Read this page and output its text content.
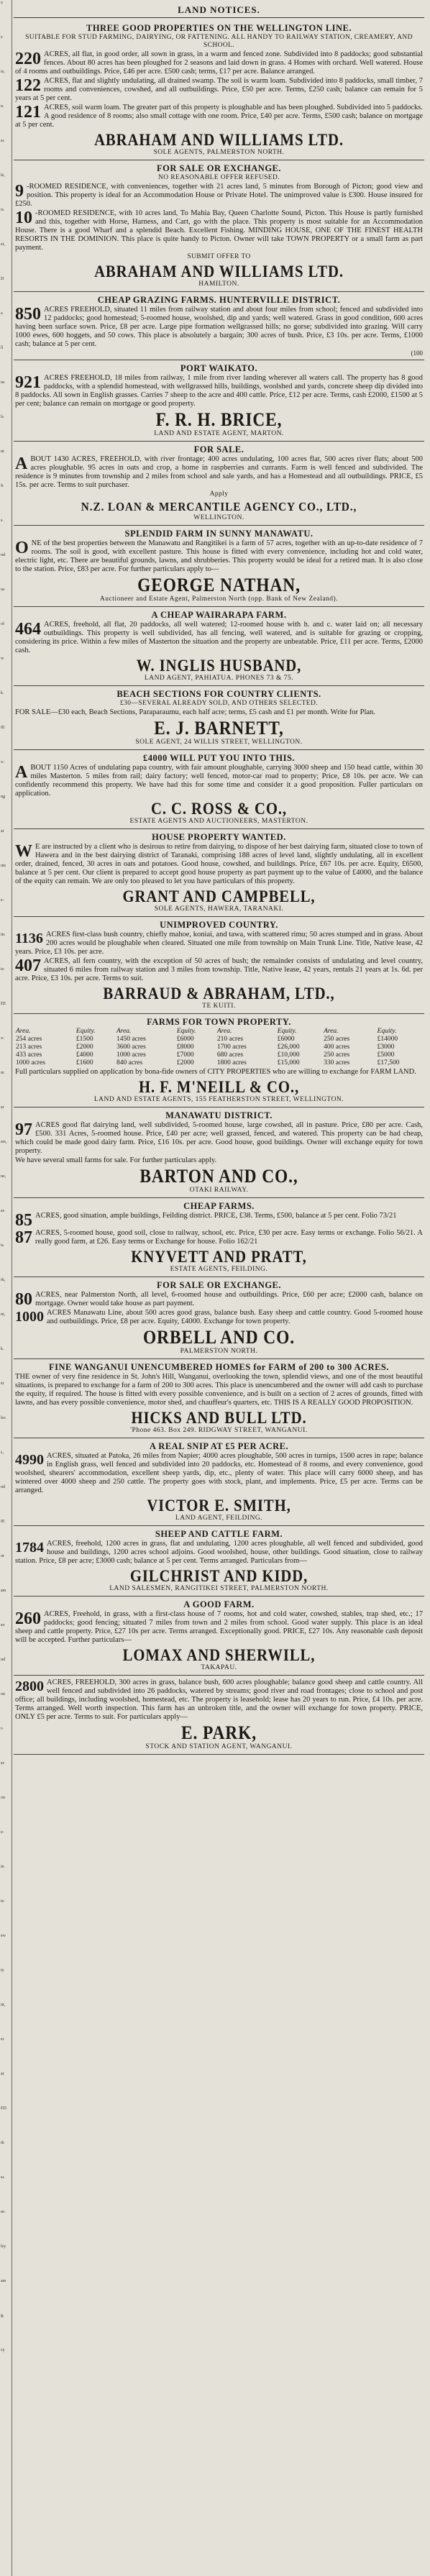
o
e
ie,
n.
ss
le,
rs
et,
D
a
ll
ns
ls
nt
ft
s.
nd
us
of
w
k.
IE
x-
ng
at
uts
e-
its
to
EE
x-
m
ar
ars,
ne,
as
ts
rk,
nt,
k.
et
les
s,
nd
IE
or
am
so
nd
on
r-
se
on
e-
in
to
ew
ty
nt,
et
at
ED
th
ss
m-
ley
am
g,
cy
LAND NOTICES.
THREE GOOD PROPERTIES ON THE WELLINGTON LINE.
SUITABLE FOR STUD FARMING, DAIRYING, OR FATTENING. ALL HANDY TO RAILWAY STATION, CREAMERY, AND SCHOOL.
220 ACRES, all flat, in good order, all sown in grass, in a warm and fenced zone. Subdivided into 8 paddocks; good substantial fences. About 80 acres has been ploughed for 2 seasons and laid down in grass. 4 Homes with orchard. Well watered. House of 4 rooms and outbuildings. Price, £46 per acre. £500 cash; terms, £17 per acre. Balance arranged.
122 ACRES, flat and slightly undulating, all drained swamp. The soil is warm loam. Subdivided into 8 paddocks, small timber, 7 rooms and conveniences, cowshed, and all outbuildings. Price, £50 per acre. Terms, £250 cash; balance can remain for 5 years at 5 per cent.
121 ACRES, soil warm loam. The greater part of this property is ploughable and has been ploughed. Subdivided into 5 paddocks. A good residence of 8 rooms; also small cottage with one room. Price, £40 per acre. Terms, £500 cash; balance on mortgage at 5 per cent.
ABRAHAM AND WILLIAMS LTD.
SOLE AGENTS, PALMERSTON NORTH.
FOR SALE OR EXCHANGE.
NO REASONABLE OFFER REFUSED.
9 -ROOMED RESIDENCE, with conveniences, together with 21 acres land, 5 minutes from Borough of Picton; good view and position. This property is ideal for an Accommodation House or Private Hotel. The unimproved value is £300. House insured for £250.
10 -ROOMED RESIDENCE, with 10 acres land, To Mahia Bay, Queen Charlotte Sound, Picton. This House is partly furnished and this, together with Horse, Harness, and Cart, go with the place. This property is most suitable for an Accommodation House. There is a good Wharf and a splendid Beach. Excellent Fishing. MINDING HOUSE, ONE OF THE FINEST HEALTH RESORTS IN THE DOMINION. This place is quite handy to Picton. Owner will take TOWN PROPERTY or a small farm as part payment.
SUBMIT OFFER TO
ABRAHAM AND WILLIAMS LTD.
HAMILTON.
CHEAP GRAZING FARMS. HUNTERVILLE DISTRICT.
850 ACRES FREEHOLD, situated 11 miles from railway station and about four miles from school; fenced and subdivided into 12 paddocks; good homestead; 5-roomed house, woolshed, dip and yards; well watered. Grass in good condition, 600 acres having been surface sown. Price, £8 per acre. Large pipe formation wellgrassed hills; no gorse; subdivided into grazing. Will carry 1000 ewes, 600 hoggets, and 50 cows. This place is absolutely a bargain; 300 acres of bush. Price, £3 10s. per acre. Terms, £1000 cash; balance at 5 per cent.
(100
PORT WAIKATO.
921 ACRES FREEHOLD, 18 miles from railway, 1 mile from river landing wherever all waters call. The property has 8 good paddocks, with a splendid homestead, with wellgrassed hills, buildings, woolshed and yards, concrete sheep dip divided into 8 paddocks. All sown in English grasses. Carries 7 sheep to the acre and 400 cattle. Price, £12 per acre. Terms, cash £2000, £1500 at 5 per cent; balance can remain on mortgage or good property.
F. R. H. BRICE,
LAND AND ESTATE AGENT, MARTON.
FOR SALE.
ABOUT 1430 ACRES, FREEHOLD, with river frontage; 400 acres undulating, 100 acres flat, 500 acres river flats; about 500 acres ploughable. 95 acres in oats and crop, a home in raspberries and currants. Farm is well fenced and subdivided. The residence is 9 minutes from township and 2 miles from school and sale yards, and has a Homestead and all outbuildings. PRICE, £5 15s. per acre. Terms to suit purchaser.
Apply
N.Z. LOAN & MERCANTILE AGENCY CO., LTD.,
WELLINGTON.
SPLENDID FARM IN SUNNY MANAWATU.
ONE of the best properties between the Manawatu and Rangitikei is a farm of 57 acres, together with an up-to-date residence of 7 rooms. The soil is good, with excellent pasture. This house is fitted with every convenience, including hot and cold water, electric light, etc. There are beautiful grounds, lawns, and shrubberies. This property would be ideal for a retired man. It is also close to the station. Price, £83 per acre. For further particulars apply to—
GEORGE NATHAN,
Auctioneer and Estate Agent, Palmerston North (opp. Bank of New Zealand).
A CHEAP WAIRARAPA FARM.
464 ACRES, freehold, all flat, 20 paddocks, all well watered; 12-roomed house with h. and c. water laid on; all necessary outbuildings. This property is well subdivided, has all fencing, well watered, and is suitable for grazing or cropping, considering its price. Within a few miles of Masterton the situation and the property are unbeatable. Price, £11 per acre. Terms, £2000 cash.
W. INGLIS HUSBAND,
LAND AGENT, PAHIATUA. PHONES 73 & 75.
BEACH SECTIONS FOR COUNTRY CLIENTS.
£30—SEVERAL ALREADY SOLD, AND OTHERS SELECTED.
FOR SALE—£30 each, Beach Sections, Paraparaumu, each half acre; terms, £5 cash and £1 per month. Write for Plan.
E. J. BARNETT,
SOLE AGENT, 24 WILLIS STREET, WELLINGTON.
£4000 WILL PUT YOU INTO THIS.
ABOUT 1150 Acres of undulating papa country, with fair amount ploughable, carrying 3000 sheep and 150 head cattle, within 30 miles Masterton. 5 miles from rail; dairy factory; well fenced, motor-car road to property; Price, £8 10s. per acre. We can confidently recommend this property. We have had this for some time and consider it a good proposition. Fuller particulars on application.
C. C. ROSS & CO.,
ESTATE AGENTS AND AUCTIONEERS, MASTERTON.
HOUSE PROPERTY WANTED.
W E are instructed by a client who is desirous to retire from dairying, to dispose of her best dairying farm, situated close to town of Hawera and in the best dairying district of Taranaki, comprising 188 acres of level land, slightly undulating, all in excellent order, drained, fenced, 30 acres in oats and potatoes. Good house, cowshed, and buildings. Price, £67 10s. per acre. Equity, £6500, balance at 5 per cent. Our client is prepared to accept good house property as part payment up to the value of £4000, and the balance of the equity can remain. We are only too pleased to let you have particulars of this property.
GRANT AND CAMPBELL,
SOLE AGENTS, HAWERA, TARANAKI.
UNIMPROVED COUNTRY.
1136 ACRES first-class bush country, chiefly mahoe, koniai, and tawa, with scattered rimu; 50 acres stumped and in grass. About 200 acres would be ploughable when cleared. Situated one mile from township on Main Trunk Line. Title, Native lease, 42 years. Price, £3 10s. per acre.
407 ACRES, all fern country, with the exception of 50 acres of bush; the remainder consists of undulating and level country, situated 6 miles from railway station and 3 miles from township. Title, Native lease, 42 years, rentals 21 years at 1s. 6d. per acre. Price, £3 10s. per acre. Terms to suit.
BARRAUD & ABRAHAM, LTD.,
TE KUITI.
FARMS FOR TOWN PROPERTY.
Area.	Equity.	Area.	Equity.	Area.	Equity.	Area.	Equity.
254 acres	£1500	1450 acres	£6000	210 acres	£6000	250 acres	£14000
213 acres	£2000	3600 acres	£8000	1700 acres	£26,000	400 acres	£3000
433 acres	£4000	1000 acres	£7000	680 acres	£10,000	250 acres	£5000
1000 acres	£1600	840 acres	£2000	1800 acres	£15,000	330 acres	£17,500
Full particulars supplied on application by bona-fide owners of CITY PROPERTIES who are willing to exchange for FARM LAND.
H. F. M'NEILL & CO.,
LAND AND ESTATE AGENTS, 155 FEATHERSTON STREET, WELLINGTON.
MANAWATU DISTRICT.
97 ACRES good flat dairying land, well subdivided, 5-roomed house, large cowshed, all in pasture. Price, £80 per acre. Cash, £500. 331 Acres, 5-roomed house. Price, £40 per acre; well grassed, fenced, and watered. This property can be had cheap, which could be made good dairy farm. Price, £16 10s. per acre. Good house, good buildings. Owner will exchange equity for town property.
We have several small farms for sale. For further particulars apply.
BARTON AND CO.,
OTAKI RAILWAY.
CHEAP FARMS.
85 ACRES, good situation, ample buildings, Feilding district. PRICE, £38. Terms, £500, balance at 5 per cent. Folio 73/21
87 ACRES, 5-roomed house, good soil, close to railway, school, etc. Price, £30 per acre. Easy terms or exchange. Folio 56/21. A really good farm, at £26. Easy terms or Exchange for house. Folio 162/21
KNYVETT AND PRATT,
ESTATE AGENTS, FEILDING.
FOR SALE OR EXCHANGE.
80 ACRES, near Palmerston North, all level, 6-roomed house and outbuildings. Price, £60 per acre; £2000 cash, balance on mortgage. Owner would take house as part payment.
1000 ACRES Manawatu Line, about 500 acres good grass, balance bush. Easy sheep and cattle country. Good 5-roomed house and outbuildings. Price, £8 per acre. Equity, £4000. Exchange for town property.
ORBELL AND CO.
PALMERSTON NORTH.
FINE WANGANUI UNENCUMBERED HOMES for FARM of 200 to 300 ACRES.
THE owner of very fine residence in St. John's Hill, Wanganui, overlooking the town, splendid views, and one of the most beautiful situations, is prepared to exchange for a farm of 200 to 300 acres. This place is unencumbered and the owner will add cash to purchase the equity, if required. The house is fitted with every possible convenience, and is built on a section of 2 acres of grounds, fitted with lawns, and has every possible convenience, motor shed, and chauffeur's quarters, etc. THIS IS A REALLY GOOD PROPOSITION.
HICKS AND BULL LTD.
'Phone 463. Box 249. RIDGWAY STREET, WANGANUI.
A REAL SNIP AT £5 PER ACRE.
4990 ACRES, situated at Patoka, 26 miles from Napier; 4000 acres ploughable, 500 acres in turnips, 1500 acres in rape; balance in English grass, well fenced and subdivided into 20 paddocks, etc. Homestead of 8 rooms, and every convenience, good woolshed, shearers' accommodation, excellent sheep yards, dip, etc., plenty of water. This place will carry 6000 sheep, and has wintered over 4000 sheep and 250 cattle. The property goes with stock, plant, and implements. Price, £5 per acre. Terms can be arranged.
VICTOR E. SMITH,
LAND AGENT, FEILDING.
SHEEP AND CATTLE FARM.
1784 ACRES, freehold, 1200 acres in grass, flat and undulating, 1200 acres ploughable, all well fenced and subdivided, good house and buildings, 1200 acres school adjoins. Good woolshed, house, other buildings. Good situation, close to railway station. Price, £8 per acre; £3000 cash; balance at 5 per cent. Terms arranged. Particulars from—
GILCHRIST AND KIDD,
LAND SALESMEN, RANGITIKEI STREET, PALMERSTON NORTH.
A GOOD FARM.
260 ACRES, Freehold, in grass, with a first-class house of 7 rooms, hot and cold water, cowshed, stables, trap shed, etc.; 17 paddocks; good fencing; situated 7 miles from town and 2 miles from school. Good water supply. This place is an ideal sheep and cattle property. Price, £27 10s per acre. Terms arranged. Exceptionally good. PRICE, £27 10s. Any reasonable cash deposit will be accepted. Further particulars—
LOMAX AND SHERWILL,
TAKAPAU.
2800 ACRES, FREEHOLD, 300 acres in grass, balance bush, 600 acres ploughable; balance good sheep and cattle country. All well fenced and subdivided into 26 paddocks, watered by streams; good river and road frontages; close to school and post office; all buildings, including woolshed, homestead, etc. The property is leasehold; lease has 20 years to run. Price, £4 10s. per acre. Terms arranged. Well worth inspection. This farm has an unbroken title, and the owner will exchange for town property. PRICE, ONLY £5 per acre. Terms to suit. For particulars apply—
E. PARK,
STOCK AND STATION AGENT, WANGANUI.
